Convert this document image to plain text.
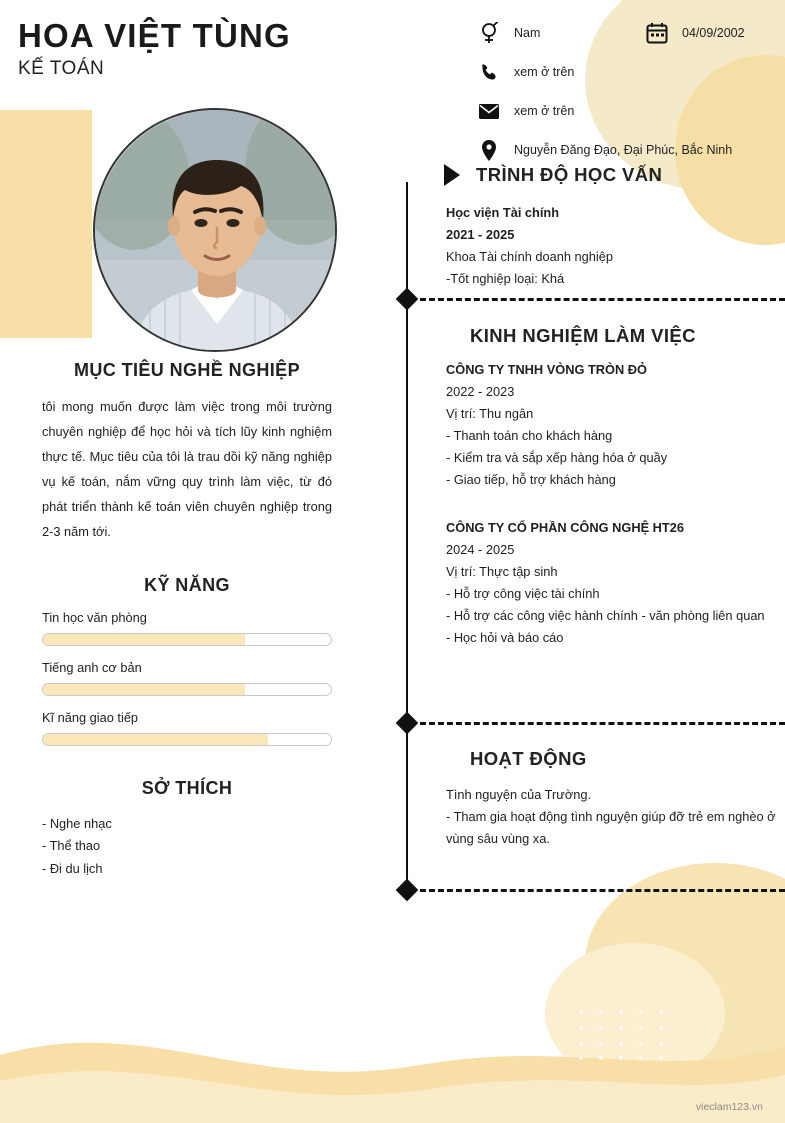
HOA VIỆT TÙNG
KẾ TOÁN
Nam	04/09/2002
xem ở trên
xem ở trên
Nguyễn Đăng Đạo, Đại Phúc, Bắc Ninh
MỤC TIÊU NGHỀ NGHIỆP
tôi mong muốn được làm việc trong môi trường chuyên nghiệp để học hỏi và tích lũy kinh nghiệm thực tế. Mục tiêu của tôi là trau dồi kỹ năng nghiệp vụ kế toán, nắm vững quy trình làm việc, từ đó phát triển thành kế toán viên chuyên nghiệp trong 2-3 năm tới.
KỸ NĂNG
Tin học văn phòng
Tiếng anh cơ bản
Kĩ năng giao tiếp
SỞ THÍCH
- Nghe nhạc
- Thể thao
- Đi du lịch
TRÌNH ĐỘ HỌC VẤN
Học viện Tài chính
2021 - 2025
Khoa Tài chính doanh nghiệp
-Tốt nghiệp loại: Khá
KINH NGHIỆM LÀM VIỆC
CÔNG TY TNHH VÒNG TRÒN ĐỎ
2022 - 2023
Vị trí: Thu ngân
- Thanh toán cho khách hàng
- Kiểm tra và sắp xếp hàng hóa ở quầy
- Giao tiếp, hỗ trợ khách hàng
CÔNG TY CỔ PHẦN CÔNG NGHỆ HT26
2024 - 2025
Vị trí: Thực tập sinh
- Hỗ trợ công việc tài chính
- Hỗ trợ các công việc hành chính - văn phòng liên quan
- Học hỏi và báo cáo
HOẠT ĐỘNG
Tình nguyện của Trường.
- Tham gia hoạt động tình nguyện giúp đỡ trẻ em nghèo ở vùng sâu vùng xa.
vieclam123.vn
